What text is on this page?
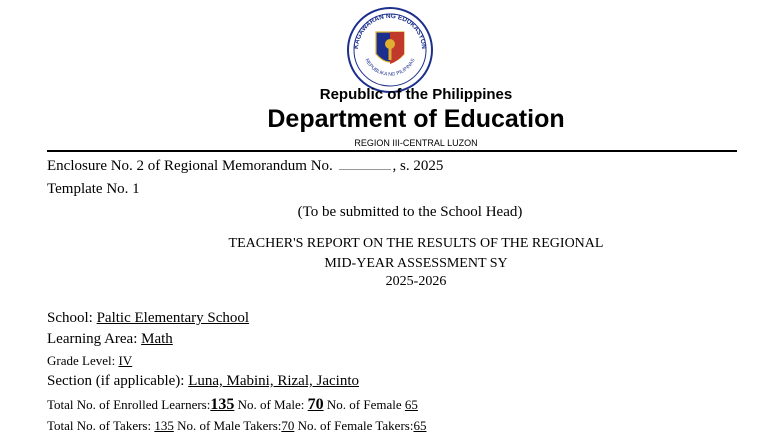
KAGAWARAN NG EDUKASYON
REPUBLIKA NG PILIPINAS
Republic of the Philippines
Department of Education
REGION III-CENTRAL LUZON
Enclosure No. 2 of Regional Memorandum No.	, s. 2025
Template No. 1
(To be submitted to the School Head)
TEACHER'S REPORT ON THE RESULTS OF THE REGIONAL
MID-YEAR ASSESSMENT SY
2025-2026
School: Paltic Elementary School
Learning Area: Math
Grade Level: IV
Section (if applicable): Luna, Mabini, Rizal, Jacinto
Total No. of Enrolled Learners:135 No. of Male: 70 No. of Female 65
Total No. of Takers: 135 No. of Male Takers:70 No. of Female Takers:65
